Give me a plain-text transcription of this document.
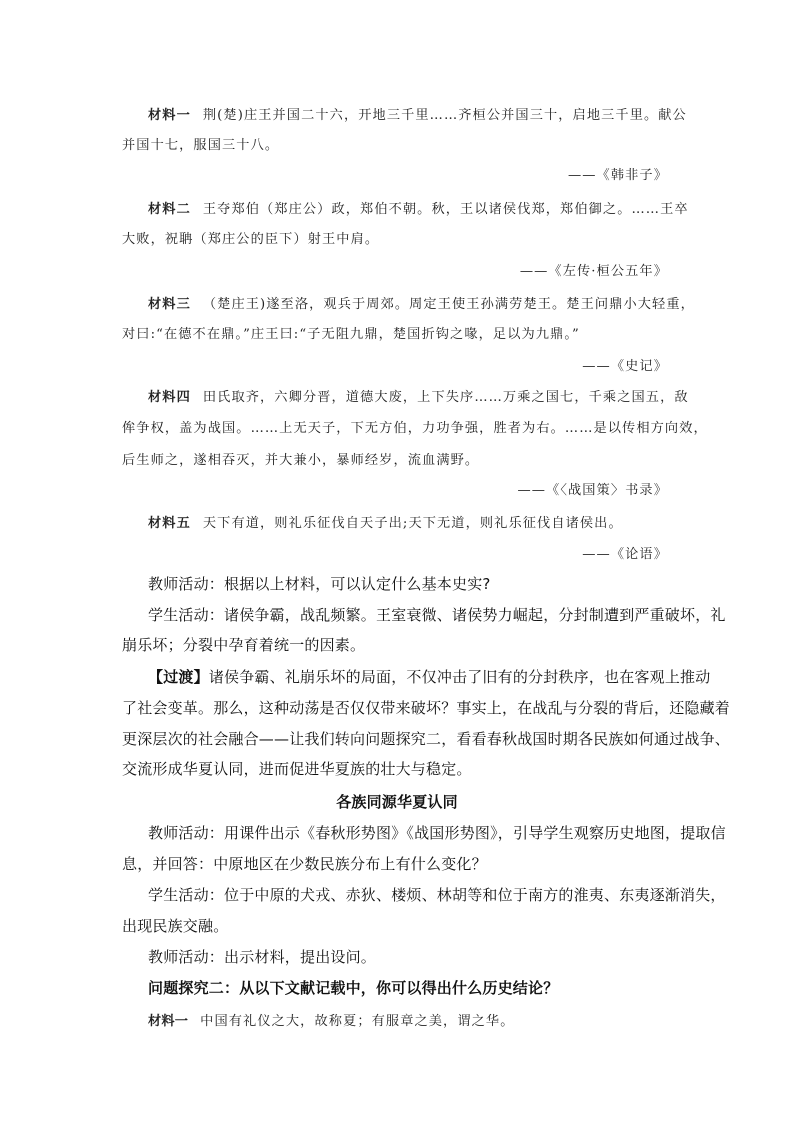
材料一 荆(楚)庄王并国二十六，开地三千里……齐桓公并国三十，启地三千里。献公
并国十七，服国三十八。
——《韩非子》
材料二 王夺郑伯（郑庄公）政，郑伯不朝。秋，王以诸侯伐郑，郑伯御之。……王卒
大败，祝聃（郑庄公的臣下）射王中肩。
——《左传·桓公五年》
材料三 （楚庄王)遂至洛，观兵于周郊。周定王使王孙满劳楚王。楚王问鼎小大轻重，
对曰:“在德不在鼎。”庄王曰:“子无阻九鼎，楚国折钩之喙，足以为九鼎。”
——《史记》
材料四 田氏取齐，六卿分晋，道德大废，上下失序……万乘之国七，千乘之国五，敌
侔争权，盖为战国。……上无天子，下无方伯，力功争强，胜者为右。……是以传相方向效，
后生师之，遂相吞灭，并大兼小，暴师经岁，流血满野。
——《〈战国策〉书录》
材料五 天下有道，则礼乐征伐自天子出;天下无道，则礼乐征伐自诸侯出。
——《论语》
教师活动：根据以上材料，可以认定什么基本史实?
学生活动：诸侯争霸，战乱频繁。王室衰微、诸侯势力崛起，分封制遭到严重破坏，礼
崩乐坏；分裂中孕育着统一的因素。
【过渡】诸侯争霸、礼崩乐坏的局面，不仅冲击了旧有的分封秩序，也在客观上推动
了社会变革。那么，这种动荡是否仅仅带来破坏？事实上，在战乱与分裂的背后，还隐藏着
更深层次的社会融合——让我们转向问题探究二，看看春秋战国时期各民族如何通过战争、
交流形成华夏认同，进而促进华夏族的壮大与稳定。
各族同源华夏认同
教师活动：用课件出示《春秋形势图》《战国形势图》，引导学生观察历史地图，提取信
息，并回答：中原地区在少数民族分布上有什么变化？
学生活动：位于中原的犬戎、赤狄、楼烦、林胡等和位于南方的淮夷、东夷逐渐消失，
出现民族交融。
教师活动：出示材料，提出设问。
问题探究二：从以下文献记载中，你可以得出什么历史结论？
材料一 中国有礼仪之大，故称夏；有服章之美，谓之华。
